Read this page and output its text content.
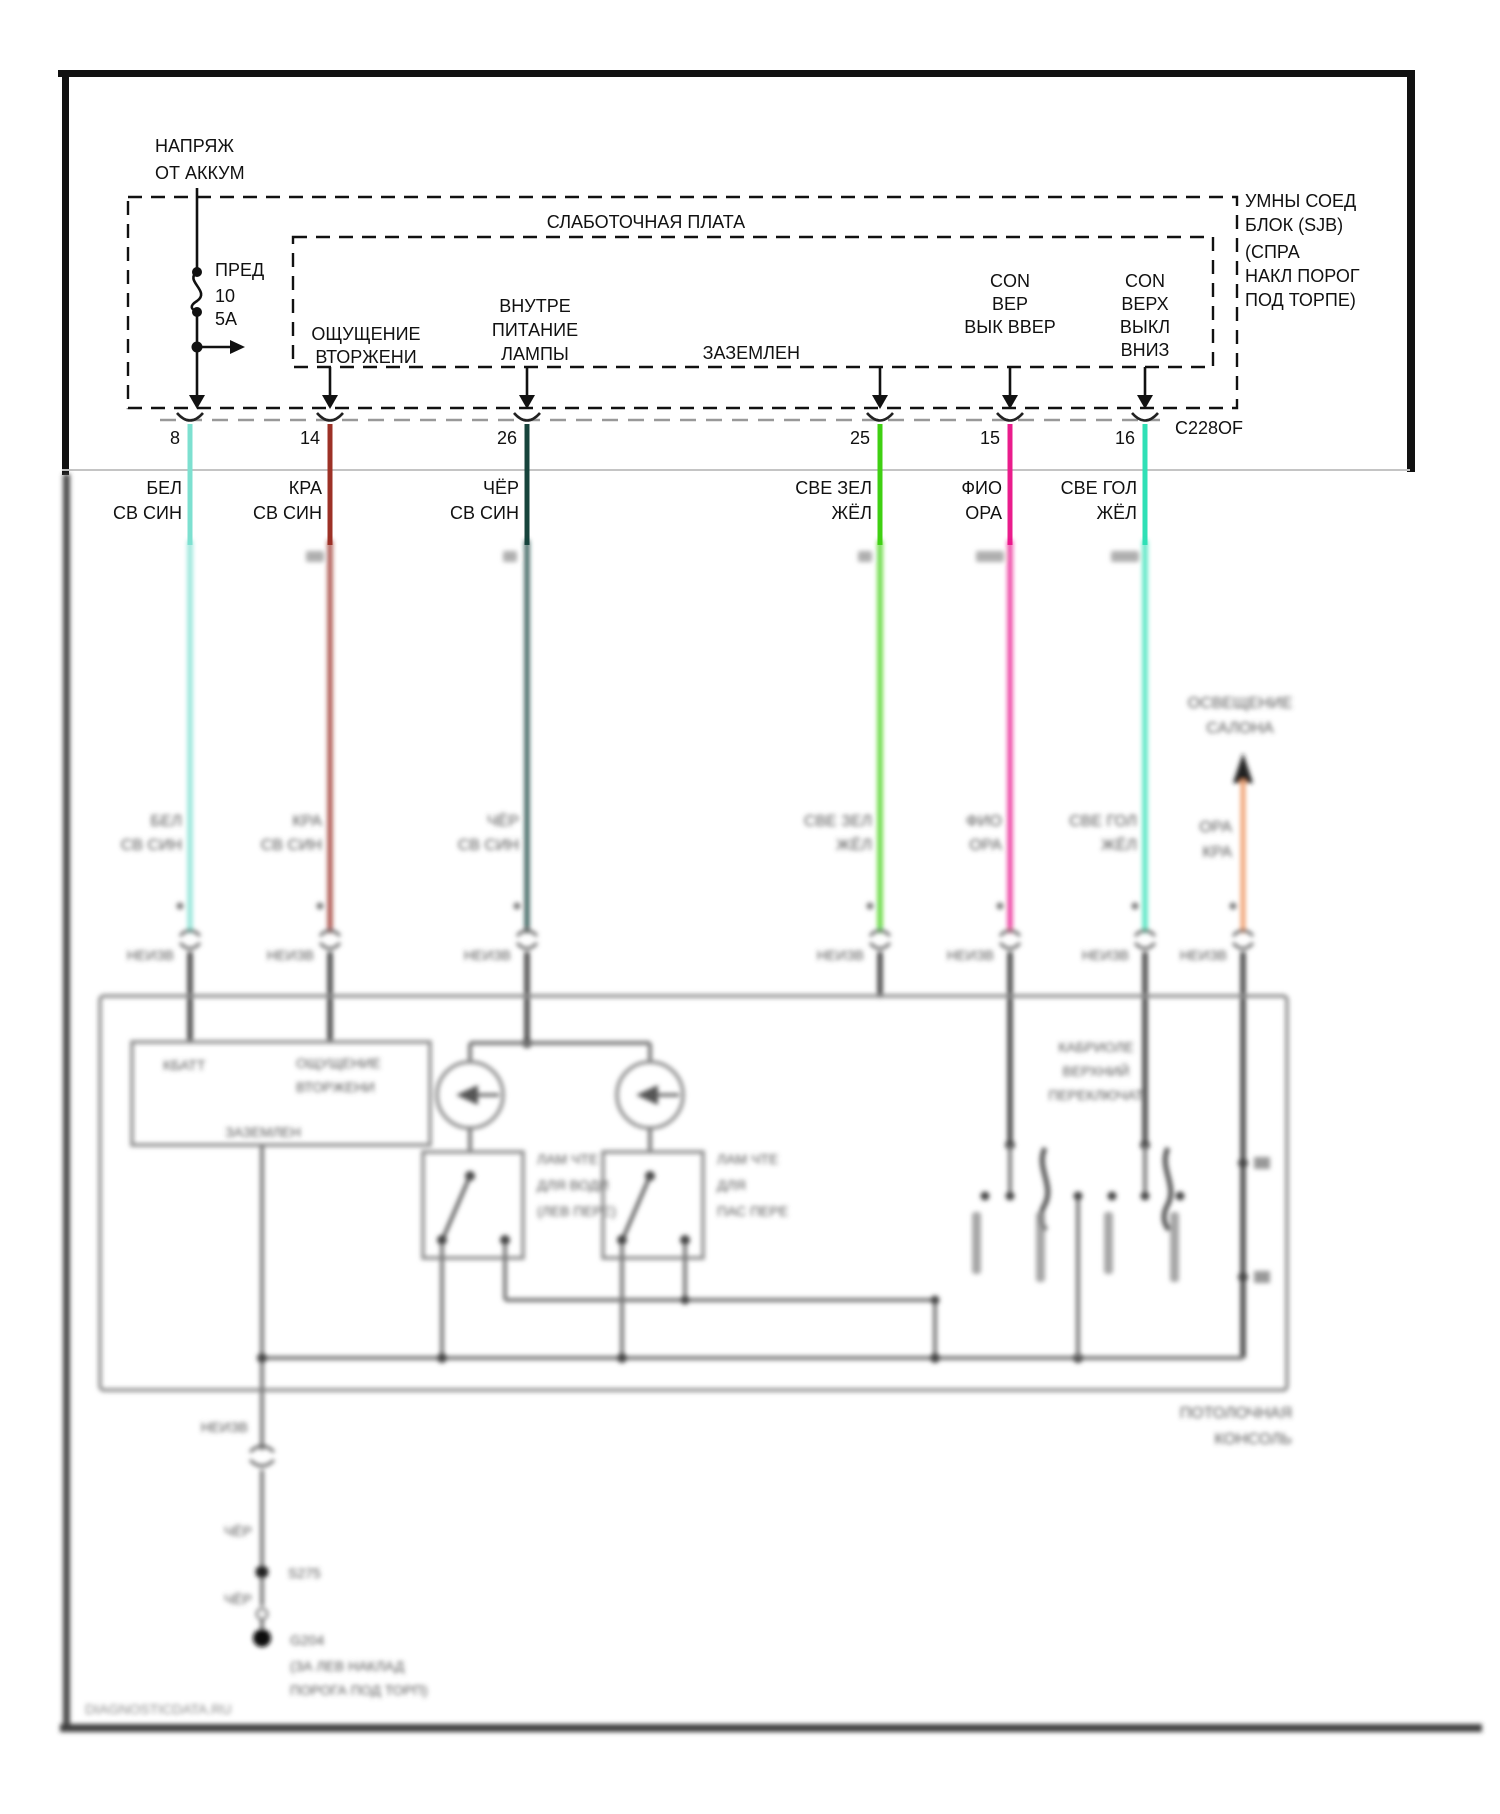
НАПРЯЖ
ОТ АККУМ
СЛАБОТОЧНАЯ ПЛАТА
ПРЕД
10
5А
ОЩУЩЕНИЕ
ВТОРЖЕНИ
ВНУТРЕ
ПИТАНИЕ
ЛАМПЫ	ЗАЗЕМЛЕН
CON
ВЕР
ВЫК ВВЕР
CON
ВЕРХ
ВЫКЛ
ВНИЗ
УМНЫ СОЕД
БЛОК (SJB)
(СПРА
НАКЛ ПОРОГ
ПОД ТОРПЕ)
C228OF
8	14	26	25	15	16
БЕЛ
СВ СИН
КРА
СВ СИН
ЧЁР
СВ СИН
СВЕ ЗЕЛ
ЖЁЛ
ФИО
ОРА
СВЕ ГОЛ
ЖЁЛ
ОСВЕЩЕНИЕ
САЛОНА
БЕЛ
СВ СИН
КРА
СВ СИН
ЧЁР
СВ СИН
СВЕ ЗЕЛ
ЖЁЛ
ФИО
ОРА
СВЕ ГОЛ
ЖЁЛ
ОРА
КРА
НЕИЗВ	НЕИЗВ	НЕИЗВ	НЕИЗВ	НЕИЗВ	НЕИЗВ	НЕИЗВ
ПОТОЛОЧНАЯ
КОНСОЛЬ
КБАТТ	ОЩУЩЕНИЕ
ВТОРЖЕНИ
ЗАЗЕМЛЕН
ЛАМ ЧТЕ
ДЛЯ ВОДИ
(ЛЕВ ПЕРЕ)
ЛАМ ЧТЕ
ДЛЯ
ПАС ПЕРЕ
КАБРИОЛЕ
ВЕРХНИЙ
ПЕРЕКЛЮЧАТ
НЕИЗВ
ЧЁР
S275
ЧЁР
G204
(ЗА ЛЕВ НАКЛАД
ПОРОГА ПОД ТОРП)
DIAGNOSTICDATA.RU
